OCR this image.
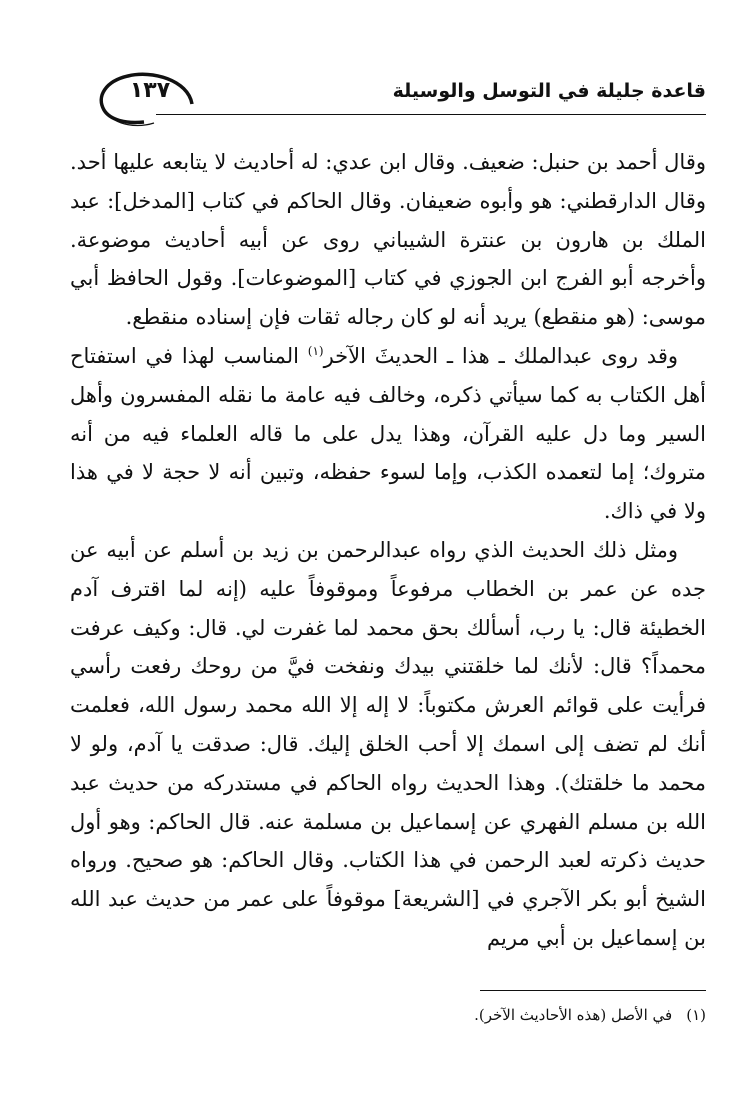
١٣٧	قاعدة جليلة في التوسل والوسيلة

وقال أحمد بن حنبل: ضعيف. وقال ابن عدي: له أحاديث لا يتابعه عليها أحد. وقال الدارقطني: هو وأبوه ضعيفان. وقال الحاكم في كتاب [المدخل]: عبد الملك بن هارون بن عنترة الشيباني روى عن أبيه أحاديث موضوعة. وأخرجه أبو الفرج ابن الجوزي في كتاب [الموضوعات]. وقول الحافظ أبي موسى: (هو منقطع) يريد أنه لو كان رجاله ثقات فإن إسناده منقطع.

وقد روى عبدالملك ـ هذا ـ الحديثَ الآخر$^{(١)}$ المناسب لهذا في استفتاح أهل الكتاب به كما سيأتي ذكره، وخالف فيه عامة ما نقله المفسرون وأهل السير وما دل عليه القرآن، وهذا يدل على ما قاله العلماء فيه من أنه متروك؛ إما لتعمده الكذب، وإما لسوء حفظه، وتبين أنه لا حجة لا في هذا ولا في ذاك.

ومثل ذلك الحديث الذي رواه عبدالرحمن بن زيد بن أسلم عن أبيه عن جده عن عمر بن الخطاب مرفوعاً وموقوفاً عليه (إنه لما اقترف آدم الخطيئة قال: يا رب، أسألك بحق محمد لما غفرت لي. قال: وكيف عرفت محمداً؟ قال: لأنك لما خلقتني بيدك ونفخت فيَّ من روحك رفعت رأسي فرأيت على قوائم العرش مكتوباً: لا إله إلا الله محمد رسول الله، فعلمت أنك لم تضف إلى اسمك إلا أحب الخلق إليك. قال: صدقت يا آدم، ولو لا محمد ما خلقتك). وهذا الحديث رواه الحاكم في مستدركه من حديث عبد الله بن مسلم الفهري عن إسماعيل بن مسلمة عنه. قال الحاكم: وهو أول حديث ذكرته لعبد الرحمن في هذا الكتاب. وقال الحاكم: هو صحيح. ورواه الشيخ أبو بكر الآجري في [الشريعة] موقوفاً على عمر من حديث عبد الله بن إسماعيل بن أبي مريم

(١)في الأصل (هذه الأحاديث الآخر).
